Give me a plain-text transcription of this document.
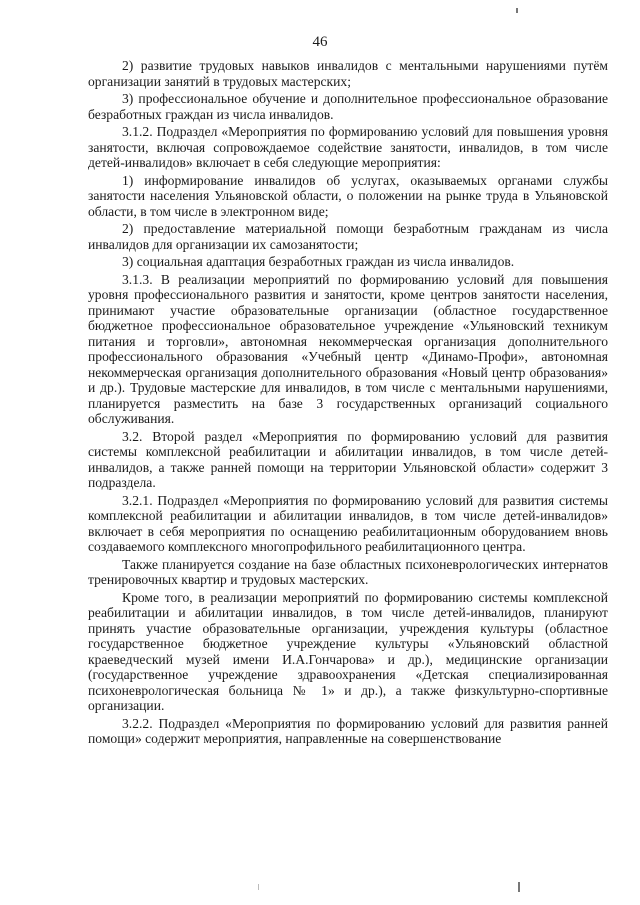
46

2) развитие трудовых навыков инвалидов с ментальными нарушениями путём организации занятий в трудовых мастерских;

3) профессиональное обучение и дополнительное профессиональное образование безработных граждан из числа инвалидов.

3.1.2. Подраздел «Мероприятия по формированию условий для повышения уровня занятости, включая сопровождаемое содействие занятости, инвалидов, в том числе детей-инвалидов» включает в себя следующие мероприятия:

1) информирование инвалидов об услугах, оказываемых органами службы занятости населения Ульяновской области, о положении на рынке труда в Ульяновской области, в том числе в электронном виде;

2) предоставление материальной помощи безработным гражданам из числа инвалидов для организации их самозанятости;

3) социальная адаптация безработных граждан из числа инвалидов.

3.1.3. В реализации мероприятий по формированию условий для повышения уровня профессионального развития и занятости, кроме центров занятости населения, принимают участие образовательные организации (областное государственное бюджетное профессиональное образовательное учреждение «Ульяновский техникум питания и торговли», автономная некоммерческая организация дополнительного профессионального образования «Учебный центр «Динамо-Профи», автономная некоммерческая организация дополнительного образования «Новый центр образования» и др.). Трудовые мастерские для инвалидов, в том числе с ментальными нарушениями, планируется разместить на базе 3 государственных организаций социального обслуживания.

3.2. Второй раздел «Мероприятия по формированию условий для развития системы комплексной реабилитации и абилитации инвалидов, в том числе детей-инвалидов, а также ранней помощи на территории Ульяновской области» содержит 3 подраздела.

3.2.1. Подраздел «Мероприятия по формированию условий для развития системы комплексной реабилитации и абилитации инвалидов, в том числе детей-инвалидов» включает в себя мероприятия по оснащению реабилитационным оборудованием вновь создаваемого комплексного многопрофильного реабилитационного центра.

Также планируется создание на базе областных психоневрологических интернатов тренировочных квартир и трудовых мастерских.

Кроме того, в реализации мероприятий по формированию системы комплексной реабилитации и абилитации инвалидов, в том числе детей-инвалидов, планируют принять участие образовательные организации, учреждения культуры (областное государственное бюджетное учреждение культуры «Ульяновский областной краеведческий музей имени И.А.Гончарова» и др.), медицинские организации (государственное учреждение здравоохранения «Детская специализированная психоневрологическая больница № 1» и др.), а также физкультурно-спортивные организации.

3.2.2. Подраздел «Мероприятия по формированию условий для развития ранней помощи» содержит мероприятия, направленные на совершенствование
